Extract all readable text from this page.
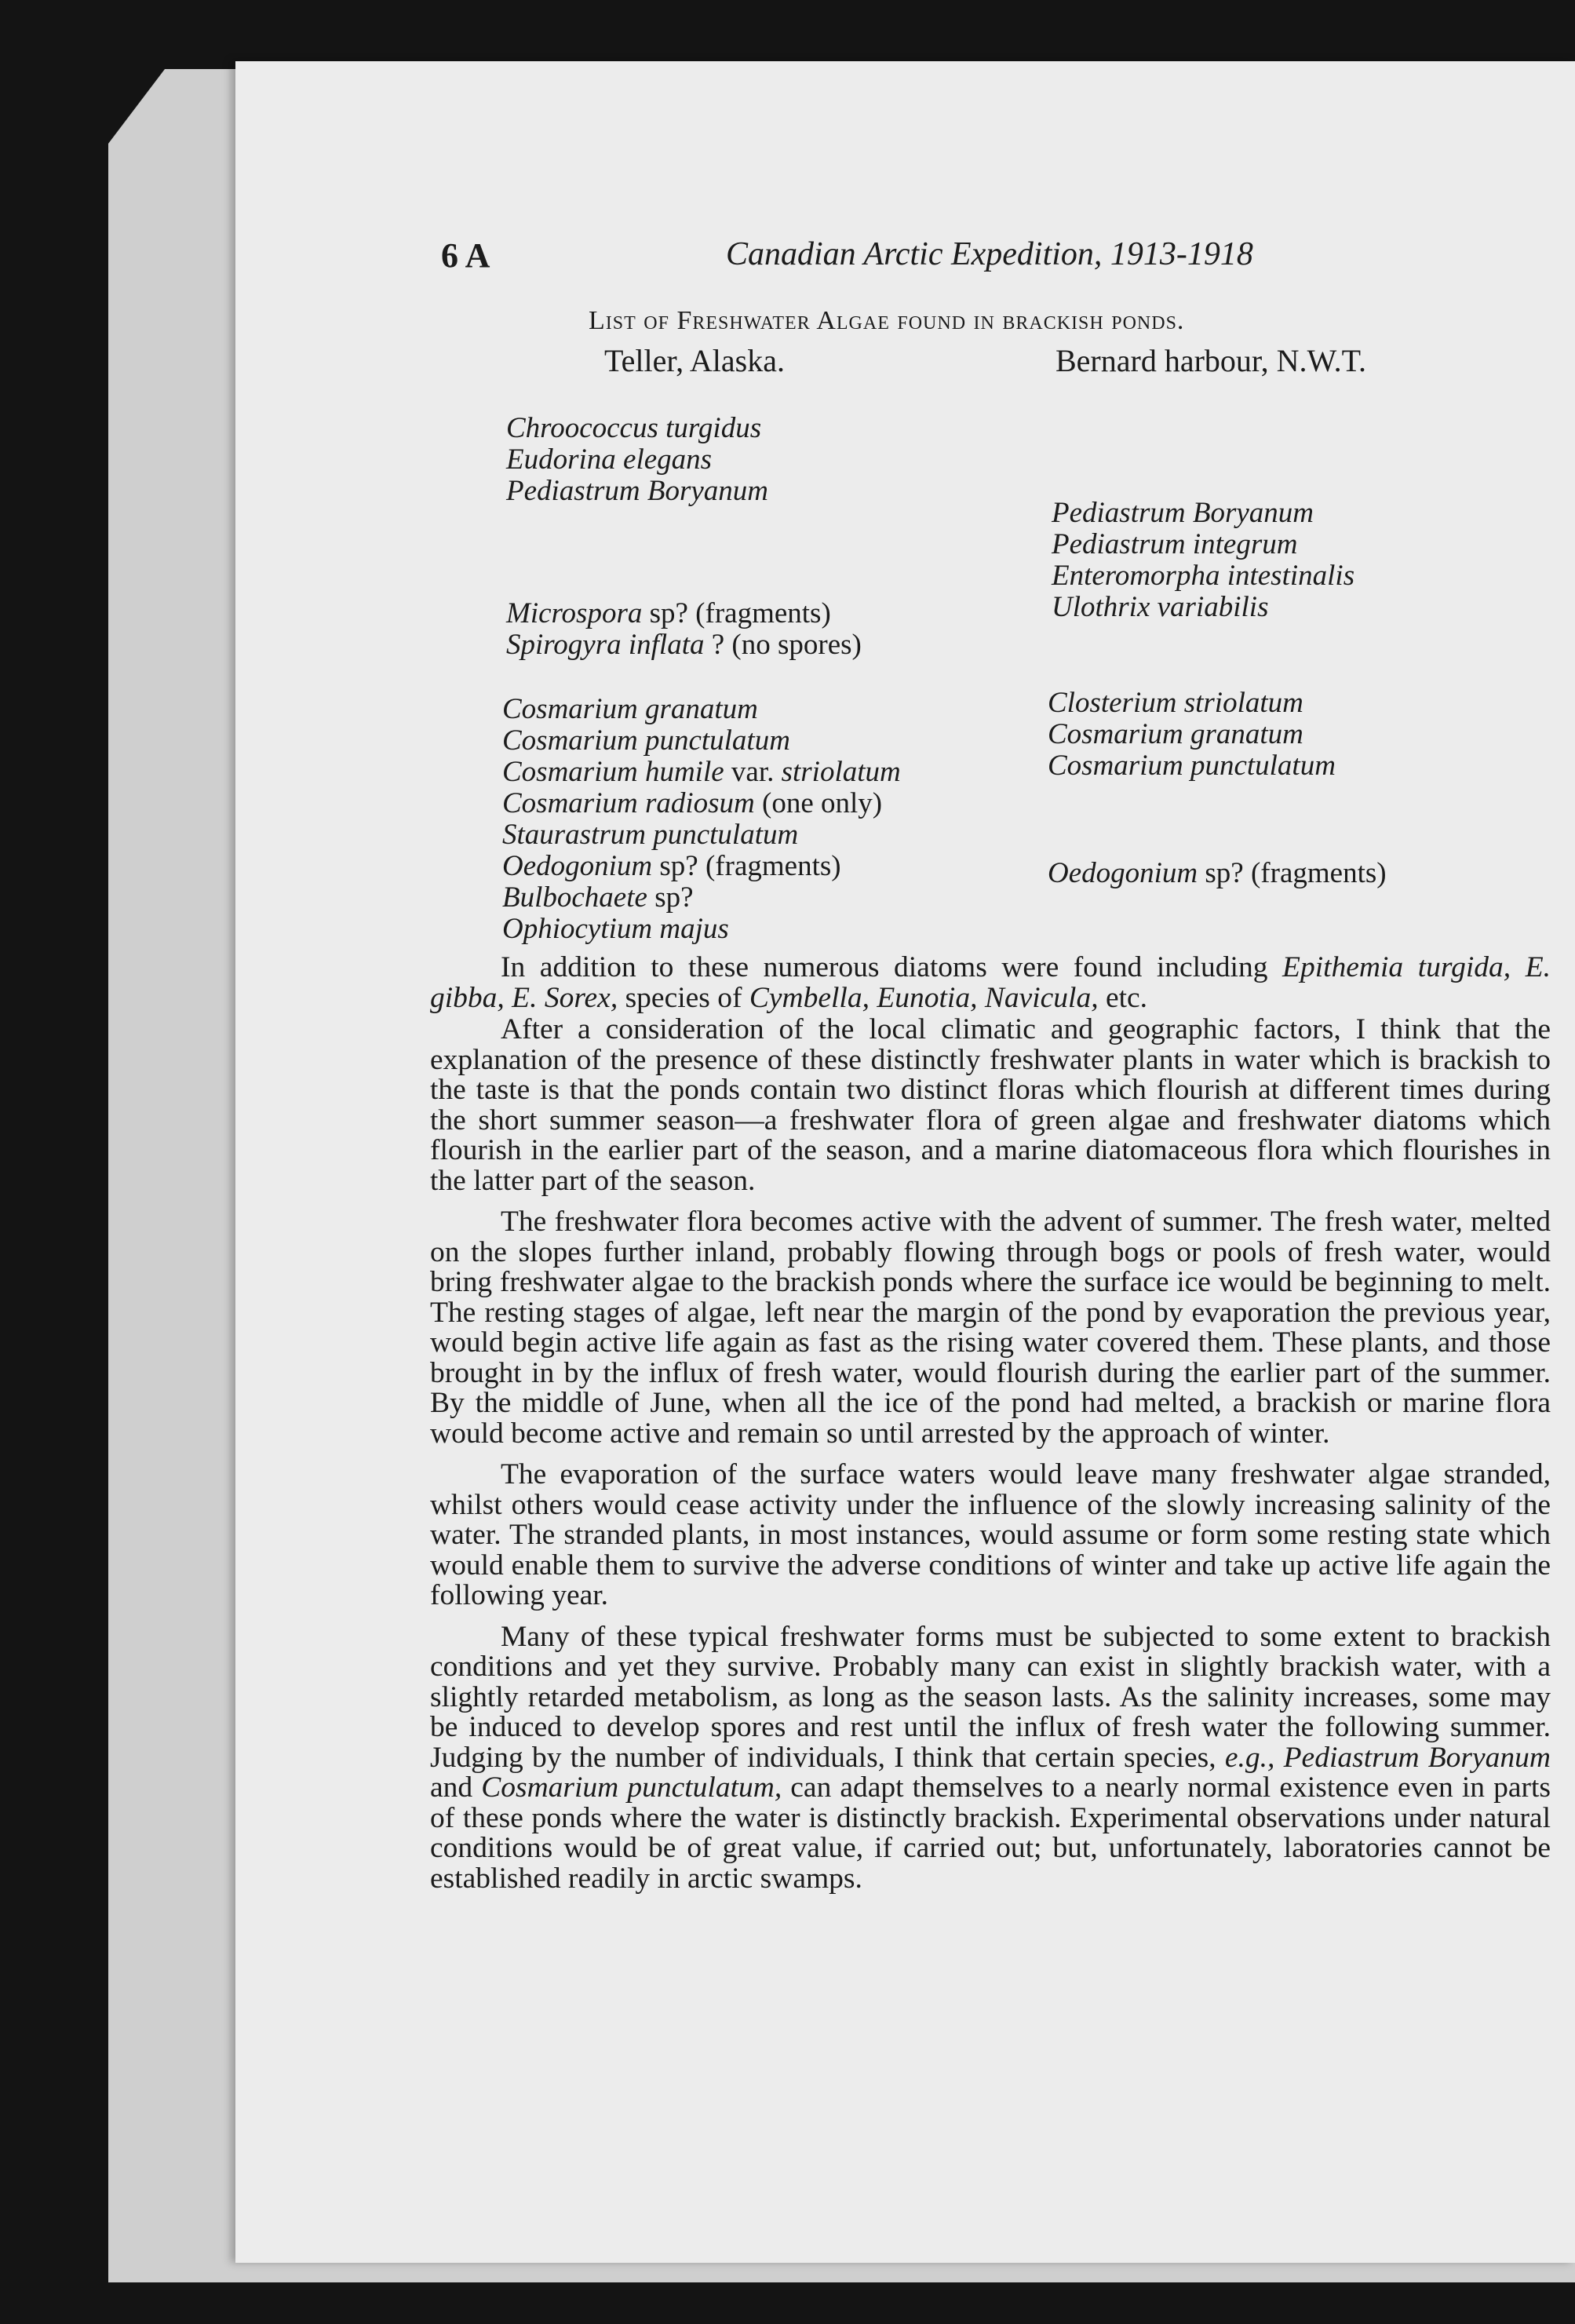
6 A	Canadian Arctic Expedition, 1913-1918
List of Freshwater Algae found in brackish ponds.
Teller, Alaska.	Bernard harbour, N.W.T.
Chroococcus turgidus
Eudorina elegans
Pediastrum Boryanum
Microspora sp? (fragments)
Spirogyra inflata ? (no spores)
Cosmarium granatum
Cosmarium punctulatum
Cosmarium humile var. striolatum
Cosmarium radiosum (one only)
Staurastrum punctulatum
Oedogonium sp? (fragments)
Bulbochaete sp?
Ophiocytium majus
Pediastrum Boryanum
Pediastrum integrum
Enteromorpha intestinalis
Ulothrix variabilis
Closterium striolatum
Cosmarium granatum
Cosmarium punctulatum
Oedogonium sp? (fragments)

In addition to these numerous diatoms were found including Epithemia turgida, E. gibba, E. Sorex, species of Cymbella, Eunotia, Navicula, etc.

After a consideration of the local climatic and geographic factors, I think that the explanation of the presence of these distinctly freshwater plants in water which is brackish to the taste is that the ponds contain two distinct floras which flourish at different times during the short summer season—a freshwater flora of green algae and freshwater diatoms which flourish in the earlier part of the season, and a marine diatomaceous flora which flourishes in the latter part of the season.

The freshwater flora becomes active with the advent of summer. The fresh water, melted on the slopes further inland, probably flowing through bogs or pools of fresh water, would bring freshwater algae to the brackish ponds where the surface ice would be beginning to melt. The resting stages of algae, left near the margin of the pond by evaporation the previous year, would begin active life again as fast as the rising water covered them. These plants, and those brought in by the influx of fresh water, would flourish during the earlier part of the summer. By the middle of June, when all the ice of the pond had melted, a brackish or marine flora would become active and remain so until arrested by the approach of winter.

The evaporation of the surface waters would leave many freshwater algae stranded, whilst others would cease activity under the influence of the slowly increasing salinity of the water. The stranded plants, in most instances, would assume or form some resting state which would enable them to survive the adverse conditions of winter and take up active life again the following year.

Many of these typical freshwater forms must be subjected to some extent to brackish conditions and yet they survive. Probably many can exist in slightly brackish water, with a slightly retarded metabolism, as long as the season lasts. As the salinity increases, some may be induced to develop spores and rest until the influx of fresh water the following summer. Judging by the number of individuals, I think that certain species, e.g., Pediastrum Boryanum and Cosmarium punctulatum, can adapt themselves to a nearly normal existence even in parts of these ponds where the water is distinctly brackish. Experimental observations under natural conditions would be of great value, if carried out; but, unfortunately, laboratories cannot be established readily in arctic swamps.
